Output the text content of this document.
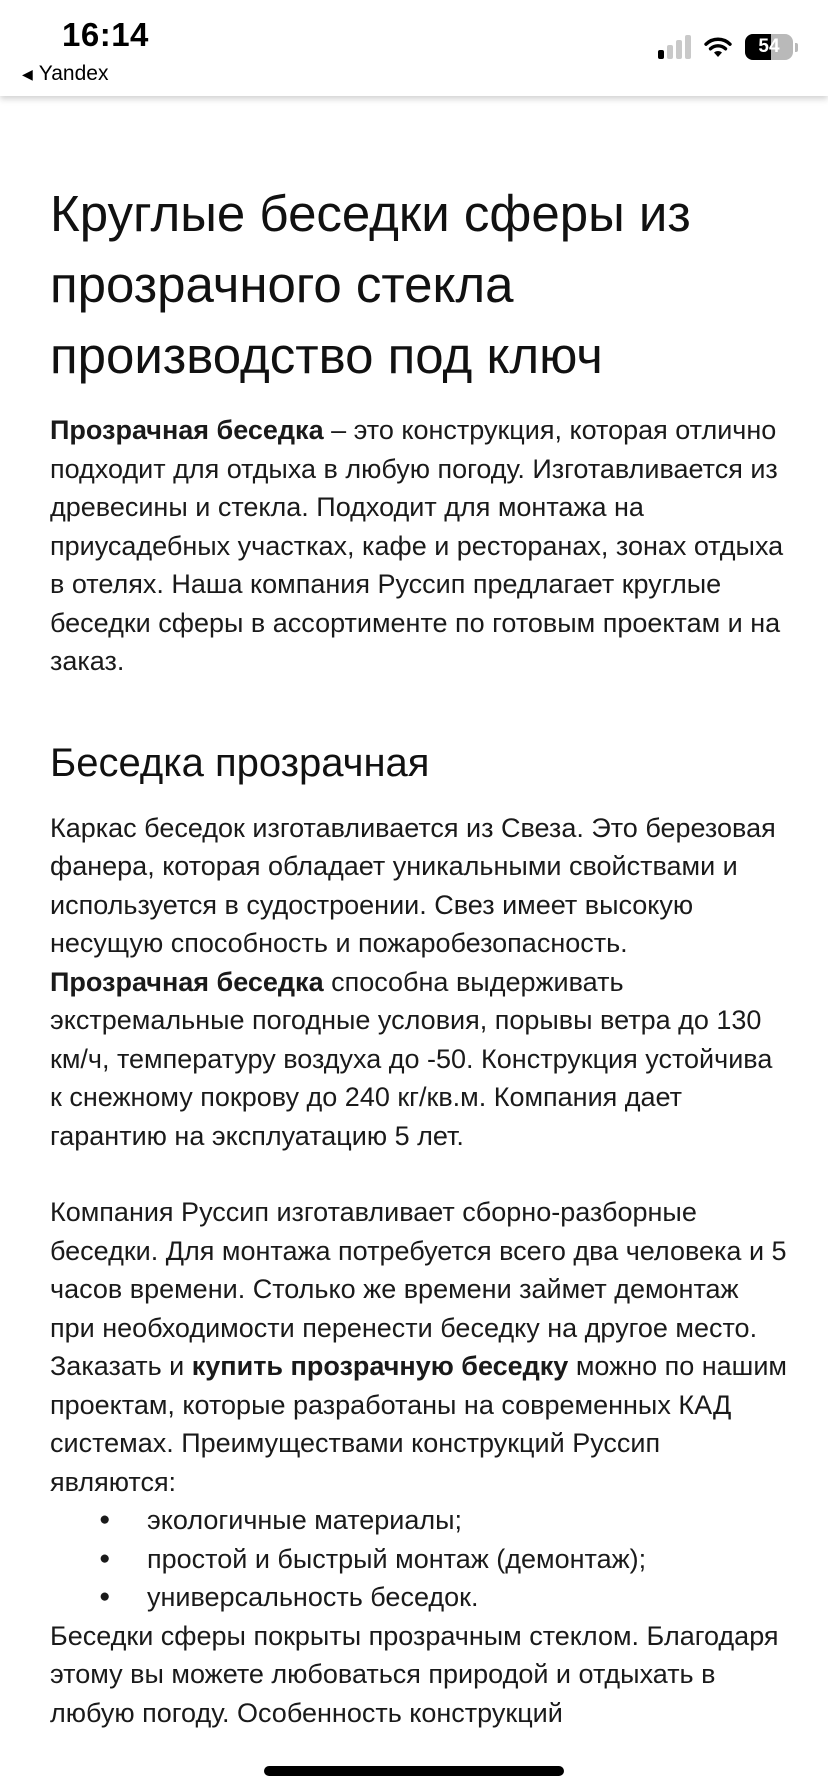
16:14
◀ Yandex
54
Круглые беседки сферы из прозрачного стекла производство под ключ

Прозрачная беседка – это конструкция, которая отлично подходит для отдыха в любую погоду. Изготавливается из древесины и стекла. Подходит для монтажа на приусадебных участках, кафе и ресторанах, зонах отдыха в отелях. Наша компания Руссип предлагает круглые беседки сферы в ассортименте по готовым проектам и на заказ.

Беседка прозрачная

Каркас беседок изготавливается из Свеза. Это березовая фанера, которая обладает уникальными свойствами и используется в судостроении. Свез имеет высокую несущую способность и пожаробезопасность. Прозрачная беседка способна выдерживать экстремальные погодные условия, порывы ветра до 130 км/ч, температуру воздуха до -50. Конструкция устойчива к снежному покрову до 240 кг/кв.м. Компания дает гарантию на эксплуатацию 5 лет.

Компания Руссип изготавливает сборно-разборные беседки. Для монтажа потребуется всего два человека и 5 часов времени. Столько же времени займет демонтаж при необходимости перенести беседку на другое место. Заказать и купить прозрачную беседку можно по нашим проектам, которые разработаны на современных КАД системах. Преимуществами конструкций Руссип являются:

● экологичные материалы;
● простой и быстрый монтаж (демонтаж);
● универсальность беседок.

Беседки сферы покрыты прозрачным стеклом. Благодаря этому вы можете любоваться природой и отдыхать в любую погоду. Особенность конструкций
